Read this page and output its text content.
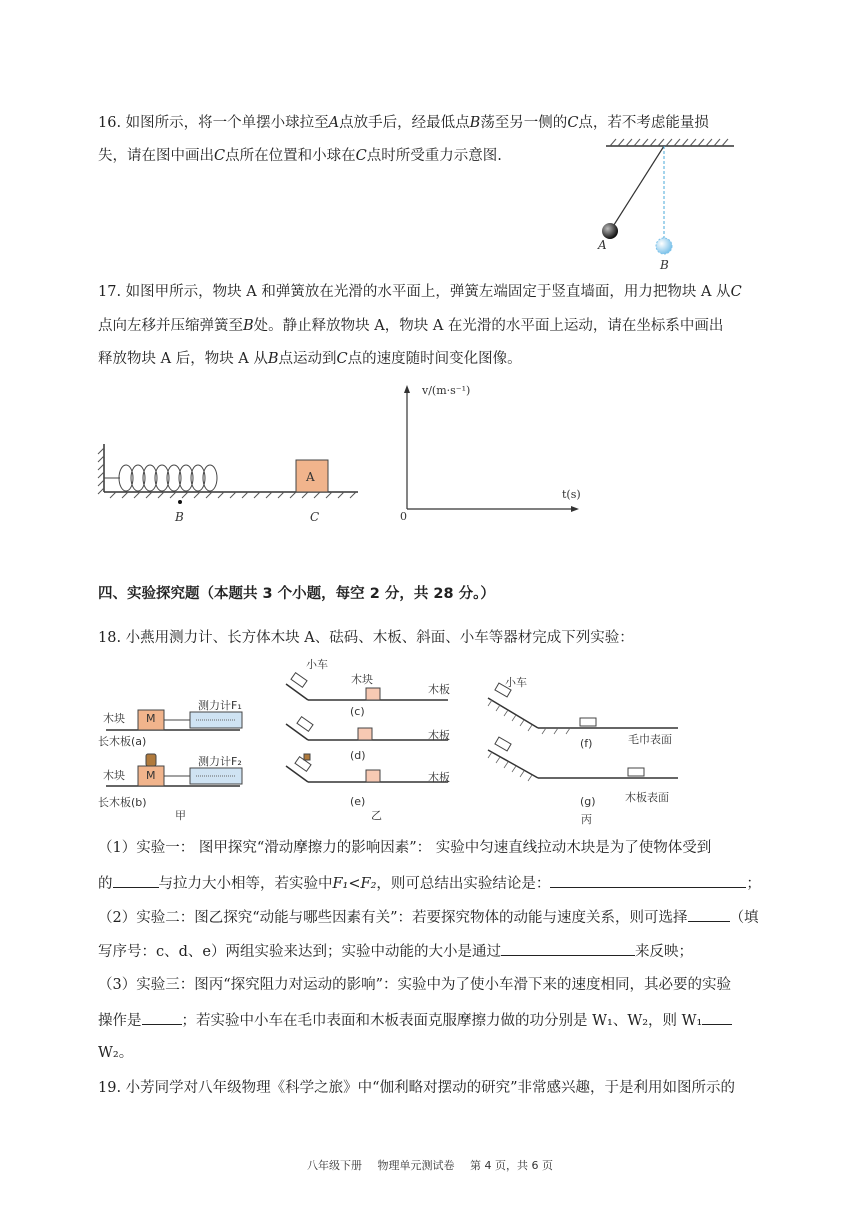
16. 如图所示，将一个单摆小球拉至A点放手后，经最低点B荡至另一侧的C点，若不考虑能量损
失，请在图中画出C点所在位置和小球在C点时所受重力示意图.
A
B
17. 如图甲所示，物块 A 和弹簧放在光滑的水平面上，弹簧左端固定于竖直墙面，用力把物块 A 从C
点向左移并压缩弹簧至B处。静止释放物块 A，物块 A 在光滑的水平面上运动，请在坐标系中画出
释放物块 A 后，物块 A 从B点运动到C点的速度随时间变化图像。
A
B	C
v/(m·s⁻¹)
t(s)
0
四、实验探究题（本题共 3 个小题，每空 2 分，共 28 分。）
18. 小燕用测力计、长方体木块 A、砝码、木板、斜面、小车等器材完成下列实验：
木块 M
测力计F₁
长木板(a)
木块 M
测力计F₂
长木板(b)
甲
小车
木块
木板
(c)
木板
(d)
木板
(e)
乙
小车
(f)	毛巾表面
(g)	木板表面
丙
（1）实验一： 图甲探究“滑动摩擦力的影响因素”： 实验中匀速直线拉动木块是为了使物体受到
的	与拉力大小相等，若实验中F₁<F₂，则可总结出实验结论是：	；
（2）实验二：图乙探究“动能与哪些因素有关”：若要探究物体的动能与速度关系，则可选择	（填
写序号：c、d、e）两组实验来达到；实验中动能的大小是通过	来反映；
（3）实验三：图丙“探究阻力对运动的影响”：实验中为了使小车滑下来的速度相同，其必要的实验
操作是	；若实验中小车在毛巾表面和木板表面克服摩擦力做的功分别是 W₁、W₂，则 W₁
W₂。
19. 小芳同学对八年级物理《科学之旅》中“伽利略对摆动的研究”非常感兴趣，于是利用如图所示的
八年级下册 物理单元测试卷 第 4 页，共 6 页
